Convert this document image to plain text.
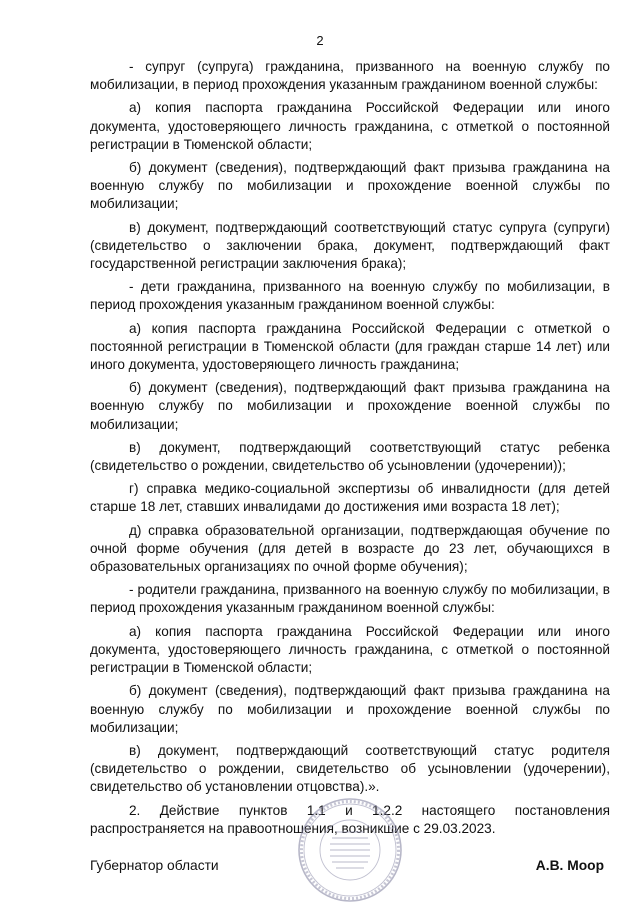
2

- супруг (супруга) гражданина, призванного на военную службу по мобилизации, в период прохождения указанным гражданином военной службы:

а) копия паспорта гражданина Российской Федерации или иного документа, удостоверяющего личность гражданина, с отметкой о постоянной регистрации в Тюменской области;

б) документ (сведения), подтверждающий факт призыва гражданина на военную службу по мобилизации и прохождение военной службы по мобилизации;

в) документ, подтверждающий соответствующий статус супруга (супруги) (свидетельство о заключении брака, документ, подтверждающий факт государственной регистрации заключения брака);

- дети гражданина, призванного на военную службу по мобилизации, в период прохождения указанным гражданином военной службы:

а) копия паспорта гражданина Российской Федерации с отметкой о постоянной регистрации в Тюменской области (для граждан старше 14 лет) или иного документа, удостоверяющего личность гражданина;

б) документ (сведения), подтверждающий факт призыва гражданина на военную службу по мобилизации и прохождение военной службы по мобилизации;

в) документ, подтверждающий соответствующий статус ребенка (свидетельство о рождении, свидетельство об усыновлении (удочерении));

г) справка медико-социальной экспертизы об инвалидности (для детей старше 18 лет, ставших инвалидами до достижения ими возраста 18 лет);

д) справка образовательной организации, подтверждающая обучение по очной форме обучения (для детей в возрасте до 23 лет, обучающихся в образовательных организациях по очной форме обучения);

- родители гражданина, призванного на военную службу по мобилизации, в период прохождения указанным гражданином военной службы:

а) копия паспорта гражданина Российской Федерации или иного документа, удостоверяющего личность гражданина, с отметкой о постоянной регистрации в Тюменской области;

б) документ (сведения), подтверждающий факт призыва гражданина на военную службу по мобилизации и прохождение военной службы по мобилизации;

в) документ, подтверждающий соответствующий статус родителя (свидетельство о рождении, свидетельство об усыновлении (удочерении), свидетельство об установлении отцовства).».

2. Действие пунктов 1.1 и 1.2.2 настоящего постановления распространяется на правоотношения, возникшие с 29.03.2023.

Губернатор области	А.В. Моор
